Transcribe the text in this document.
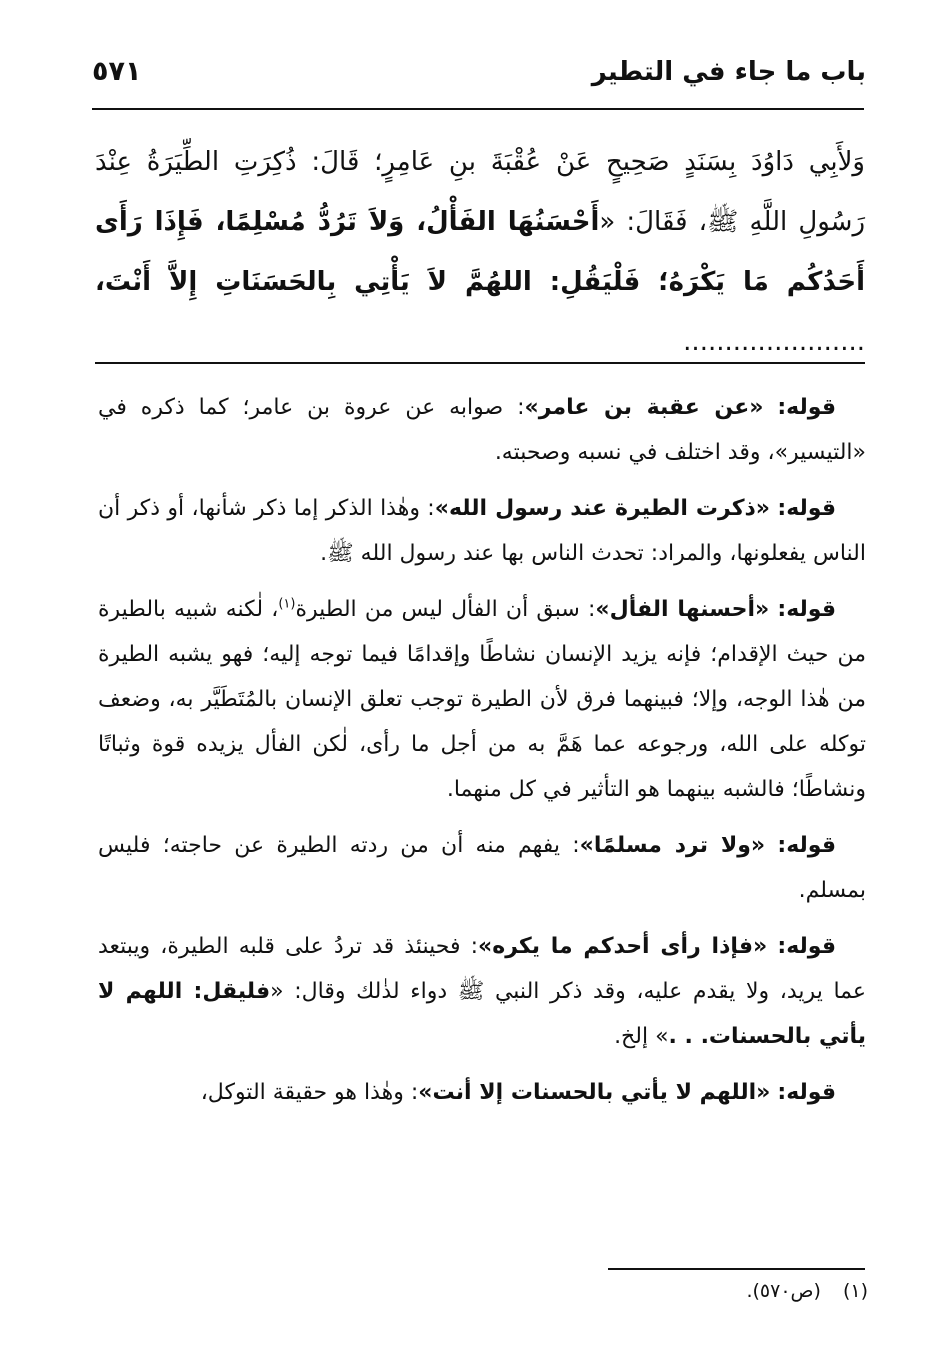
باب ما جاء في التطير
٥٧١
وَلأَبِي دَاوُدَ بِسَنَدٍ صَحِيحٍ عَنْ عُقْبَةَ بنِ عَامِرٍ؛ قَالَ: ذُكِرَتِ الطِّيَرَةُ عِنْدَ رَسُولِ اللَّهِ ﷺ، فَقَالَ: «أَحْسَنُهَا الفَأْلُ، وَلاَ تَرُدُّ مُسْلِمًا، فَإِذَا رَأَى أَحَدُكُم مَا يَكْرَهُ؛ فَلْيَقُلِ: اللهُمَّ لاَ يَأْتِي بِالحَسَنَاتِ إِلاَّ أَنْتَ، ......................

قوله: «عن عقبة بن عامر»: صوابه عن عروة بن عامر؛ كما ذكره في «التيسير»، وقد اختلف في نسبه وصحبته.

قوله: «ذكرت الطيرة عند رسول الله»: وهٰذا الذكر إما ذكر شأنها، أو ذكر أن الناس يفعلونها، والمراد: تحدث الناس بها عند رسول الله ﷺ.

قوله: «أحسنها الفأل»: سبق أن الفأل ليس من الطيرة$^{(١)}$، لٰكنه شبيه بالطيرة من حيث الإقدام؛ فإنه يزيد الإنسان نشاطًا وإقدامًا فيما توجه إليه؛ فهو يشبه الطيرة من هٰذا الوجه، وإلا؛ فبينهما فرق لأن الطيرة توجب تعلق الإنسان بالمُتَطَيَّر به، وضعف توكله على الله، ورجوعه عما هَمَّ به من أجل ما رأى، لٰكن الفأل يزيده قوة وثباتًا ونشاطًا؛ فالشبه بينهما هو التأثير في كل منهما.

قوله: «ولا ترد مسلمًا»: يفهم منه أن من ردته الطيرة عن حاجته؛ فليس بمسلم.

قوله: «فإذا رأى أحدكم ما يكره»: فحينئذ قد تردُ على قلبه الطيرة، ويبتعد عما يريد، ولا يقدم عليه، وقد ذكر النبي ﷺ دواء لذٰلك وقال: «فليقل: اللهم لا يأتي بالحسنات. . .» إلخ.

قوله: «اللهم لا يأتي بالحسنات إلا أنت»: وهٰذا هو حقيقة التوكل،

(١)(ص٥٧٠).
